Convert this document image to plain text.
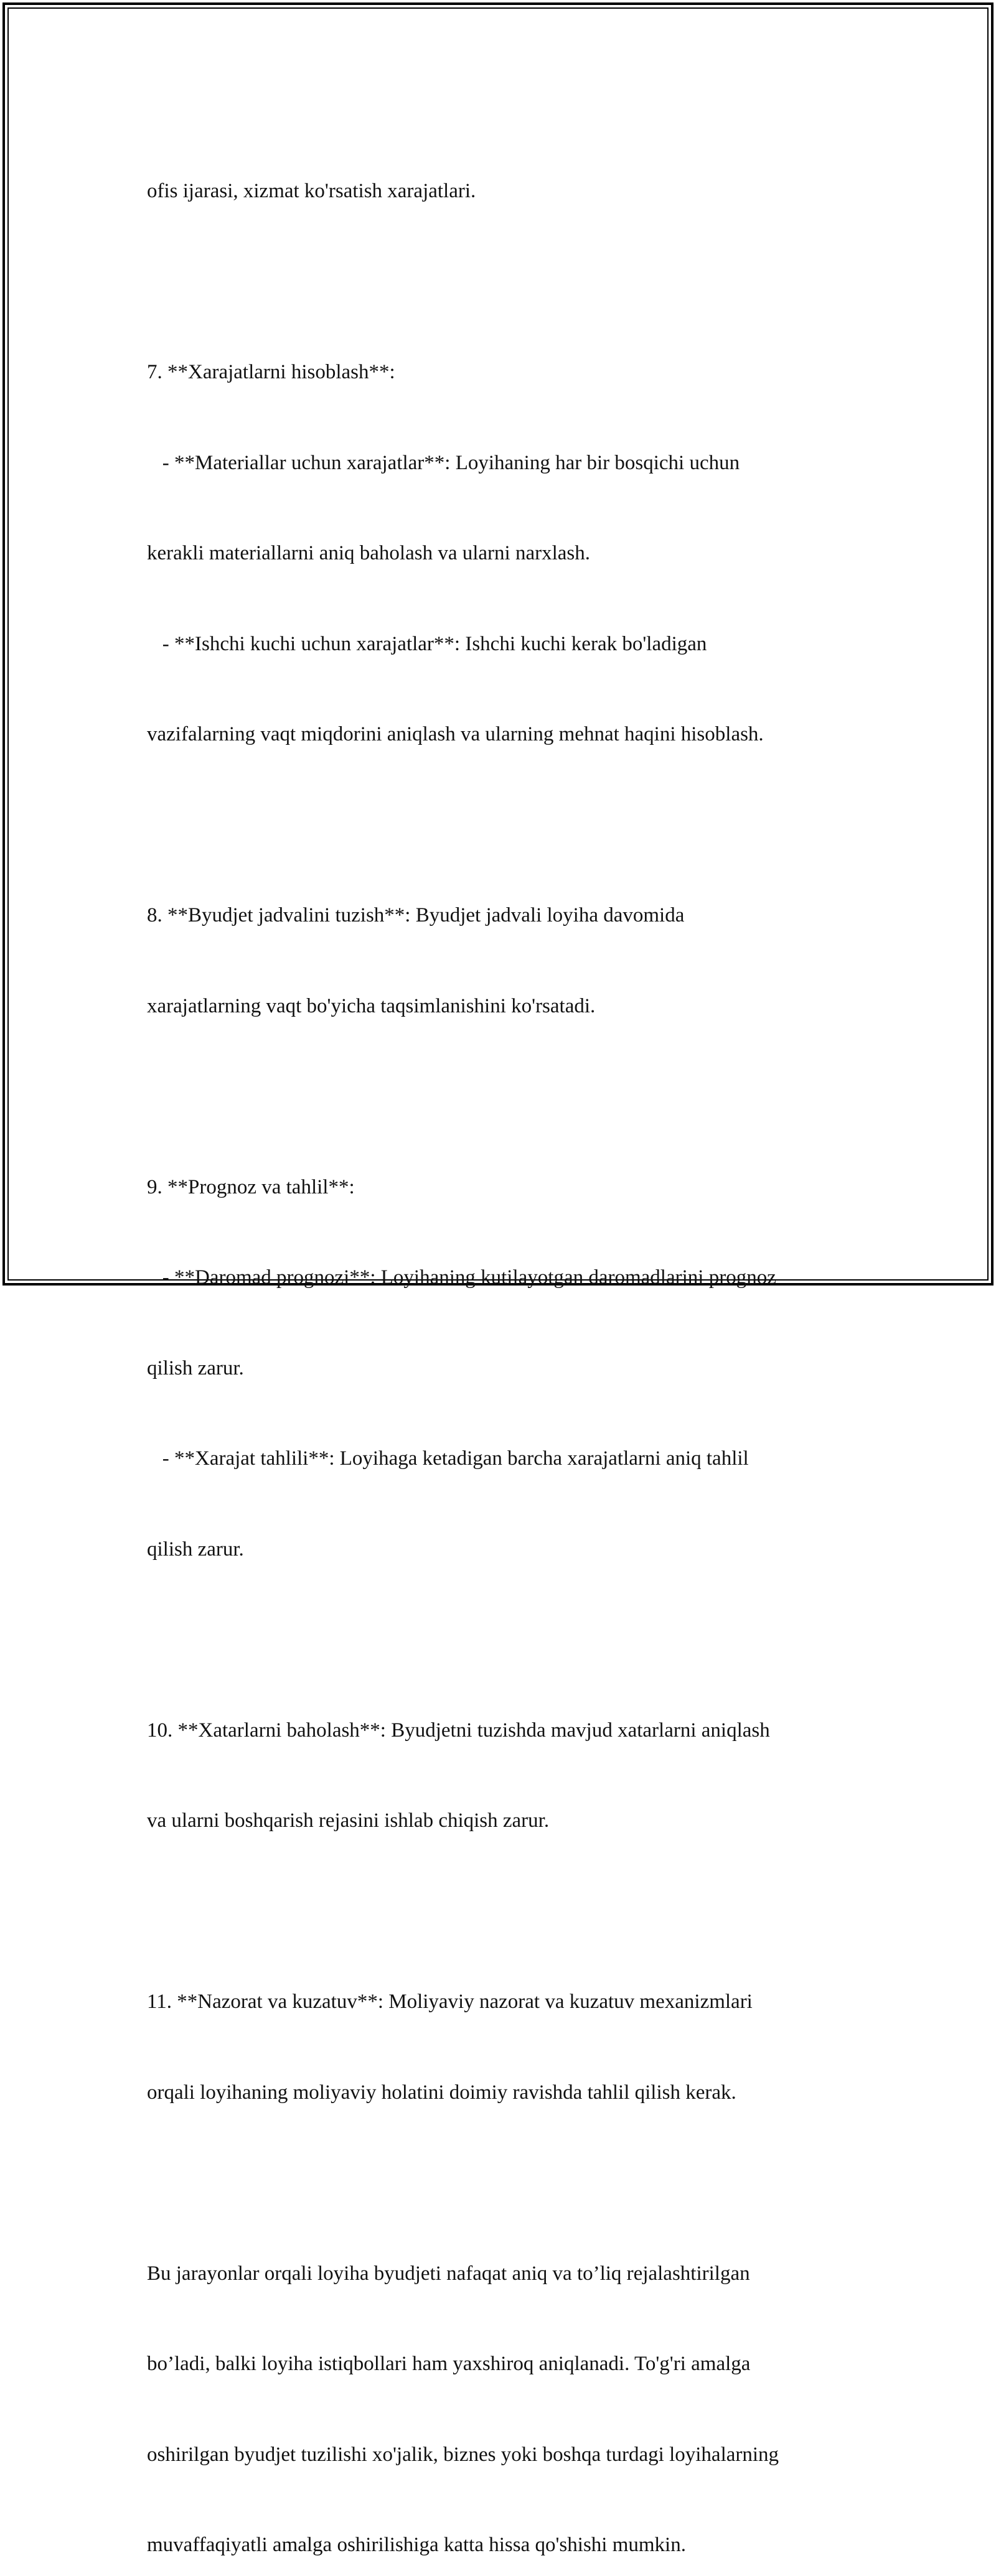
ofis ijarasi, xizmat ko'rsatish xarajatlari.

7. **Xarajatlarni hisoblash**:

- **Materiallar uchun xarajatlar**: Loyihaning har bir bosqichi uchun

kerakli materiallarni aniq baholash va ularni narxlash.

- **Ishchi kuchi uchun xarajatlar**: Ishchi kuchi kerak bo'ladigan

vazifalarning vaqt miqdorini aniqlash va ularning mehnat haqini hisoblash.

8. **Byudjet jadvalini tuzish**: Byudjet jadvali loyiha davomida

xarajatlarning vaqt bo'yicha taqsimlanishini ko'rsatadi.

9. **Prognoz va tahlil**:

- **Daromad prognozi**: Loyihaning kutilayotgan daromadlarini prognoz

qilish zarur.

- **Xarajat tahlili**: Loyihaga ketadigan barcha xarajatlarni aniq tahlil

qilish zarur.

10. **Xatarlarni baholash**: Byudjetni tuzishda mavjud xatarlarni aniqlash

va ularni boshqarish rejasini ishlab chiqish zarur.

11. **Nazorat va kuzatuv**: Moliyaviy nazorat va kuzatuv mexanizmlari

orqali loyihaning moliyaviy holatini doimiy ravishda tahlil qilish kerak.

Bu jarayonlar orqali loyiha byudjeti nafaqat aniq va to’liq rejalashtirilgan

bo’ladi, balki loyiha istiqbollari ham yaxshiroq aniqlanadi. To'g'ri amalga

oshirilgan byudjet tuzilishi xo'jalik, biznes yoki boshqa turdagi loyihalarning

muvaffaqiyatli amalga oshirilishiga katta hissa qo'shishi mumkin.
